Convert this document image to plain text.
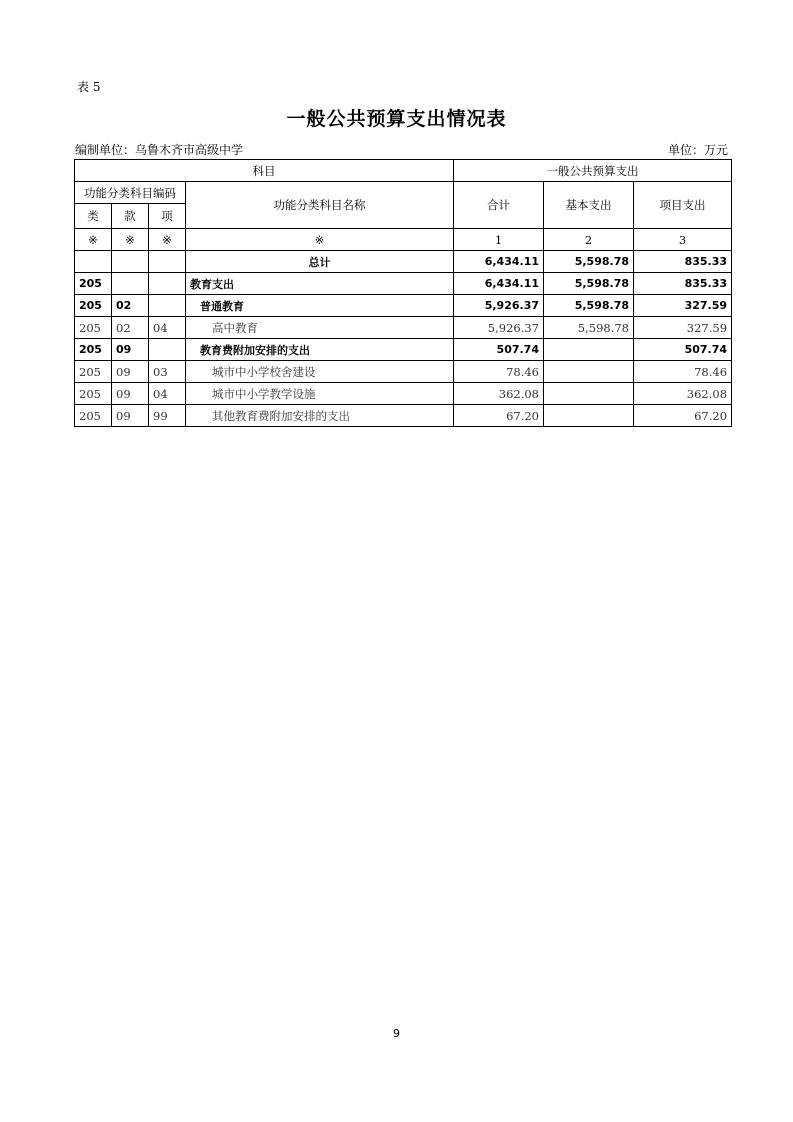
表 5
一般公共预算支出情况表
编制单位：乌鲁木齐市高级中学	单位：万元
科目				一般公共预算支出		
功能分类科目编码			功能分类科目名称	合计	基本支出	项目支出
类	款	项				
※	※	※	※	1	2	3
			总计	6,434.11	5,598.78	835.33
205			教育支出	6,434.11	5,598.78	835.33
205	02		普通教育	5,926.37	5,598.78	327.59
205	02	04	高中教育	5,926.37	5,598.78	327.59
205	09		教育费附加安排的支出	507.74		507.74
205	09	03	城市中小学校舍建设	78.46		78.46
205	09	04	城市中小学教学设施	362.08		362.08
205	09	99	其他教育费附加安排的支出	67.20		67.20
9
